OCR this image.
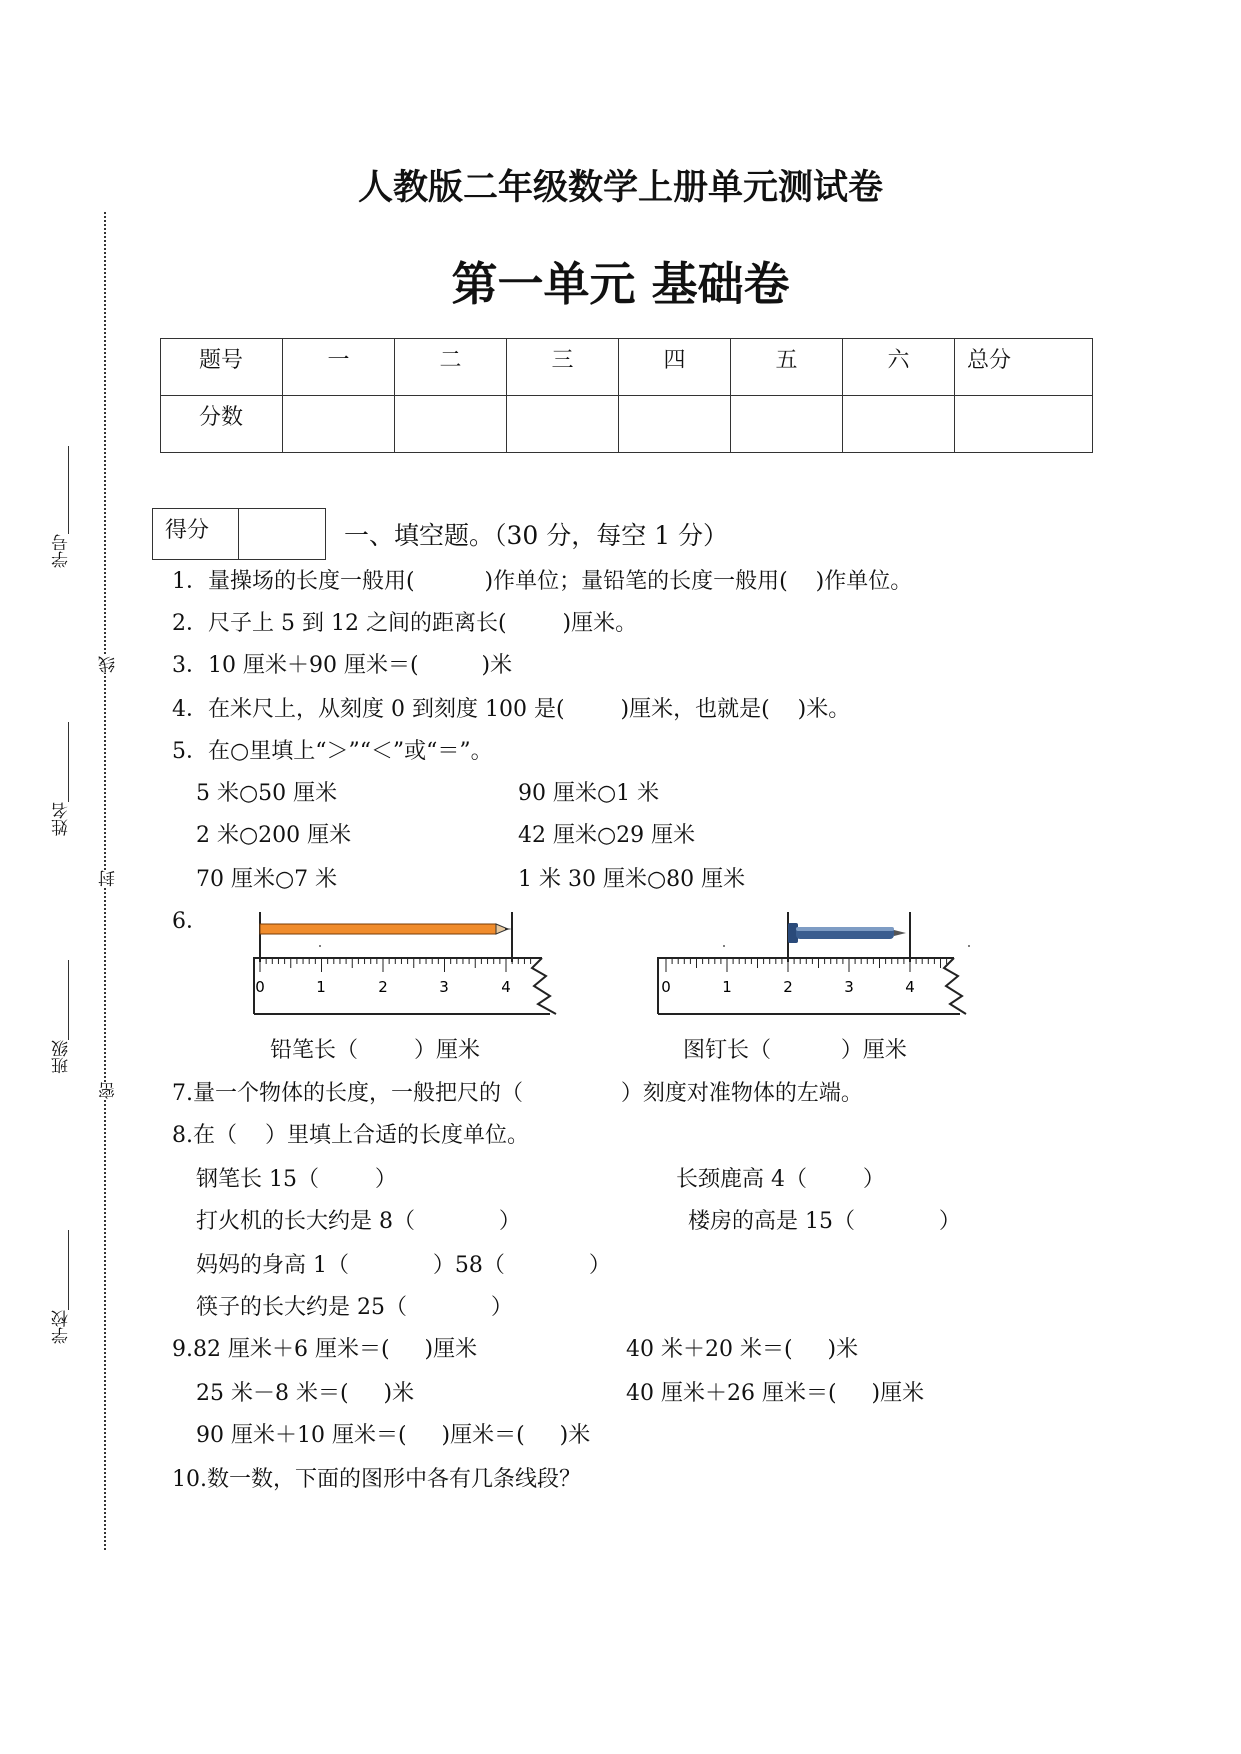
学号
姓名
班级
学校
线
封
密
人教版二年级数学上册单元测试卷
第一单元 基础卷
题号	一	二	三	四	五	六	总分
分数							
得分	一、填空题。（30 分，每空 1 分）
1．量操场的长度一般用(          )作单位；量铅笔的长度一般用(    )作单位。
2．尺子上 5 到 12 之间的距离长(        )厘米。
3．10 厘米＋90 厘米＝(         )米
4．在米尺上，从刻度 0 到刻度 100 是(        )厘米，也就是(    )米。
5．在○里填上“＞”“＜”或“＝”。
5 米○50 厘米	90 厘米○1 米
2 米○200 厘米	42 厘米○29 厘米
70 厘米○7 米	1 米 30 厘米○80 厘米
6．
0	1	2	3	4	0	1	2	3	4
铅笔长（        ）厘米	图钉长（          ）厘米
7.量一个物体的长度，一般把尺的（              ）刻度对准物体的左端。
8.在（    ）里填上合适的长度单位。
钢笔长 15（        ）	长颈鹿高 4（        ）
打火机的长大约是 8（            ）	楼房的高是 15（            ）
妈妈的身高 1（            ）58（            ）
筷子的长大约是 25（            ）
9.82 厘米＋6 厘米＝(     )厘米	40 米＋20 米＝(     )米
25 米－8 米＝(     )米	40 厘米＋26 厘米＝(     )厘米
90 厘米＋10 厘米＝(     )厘米＝(     )米
10.数一数，下面的图形中各有几条线段？
